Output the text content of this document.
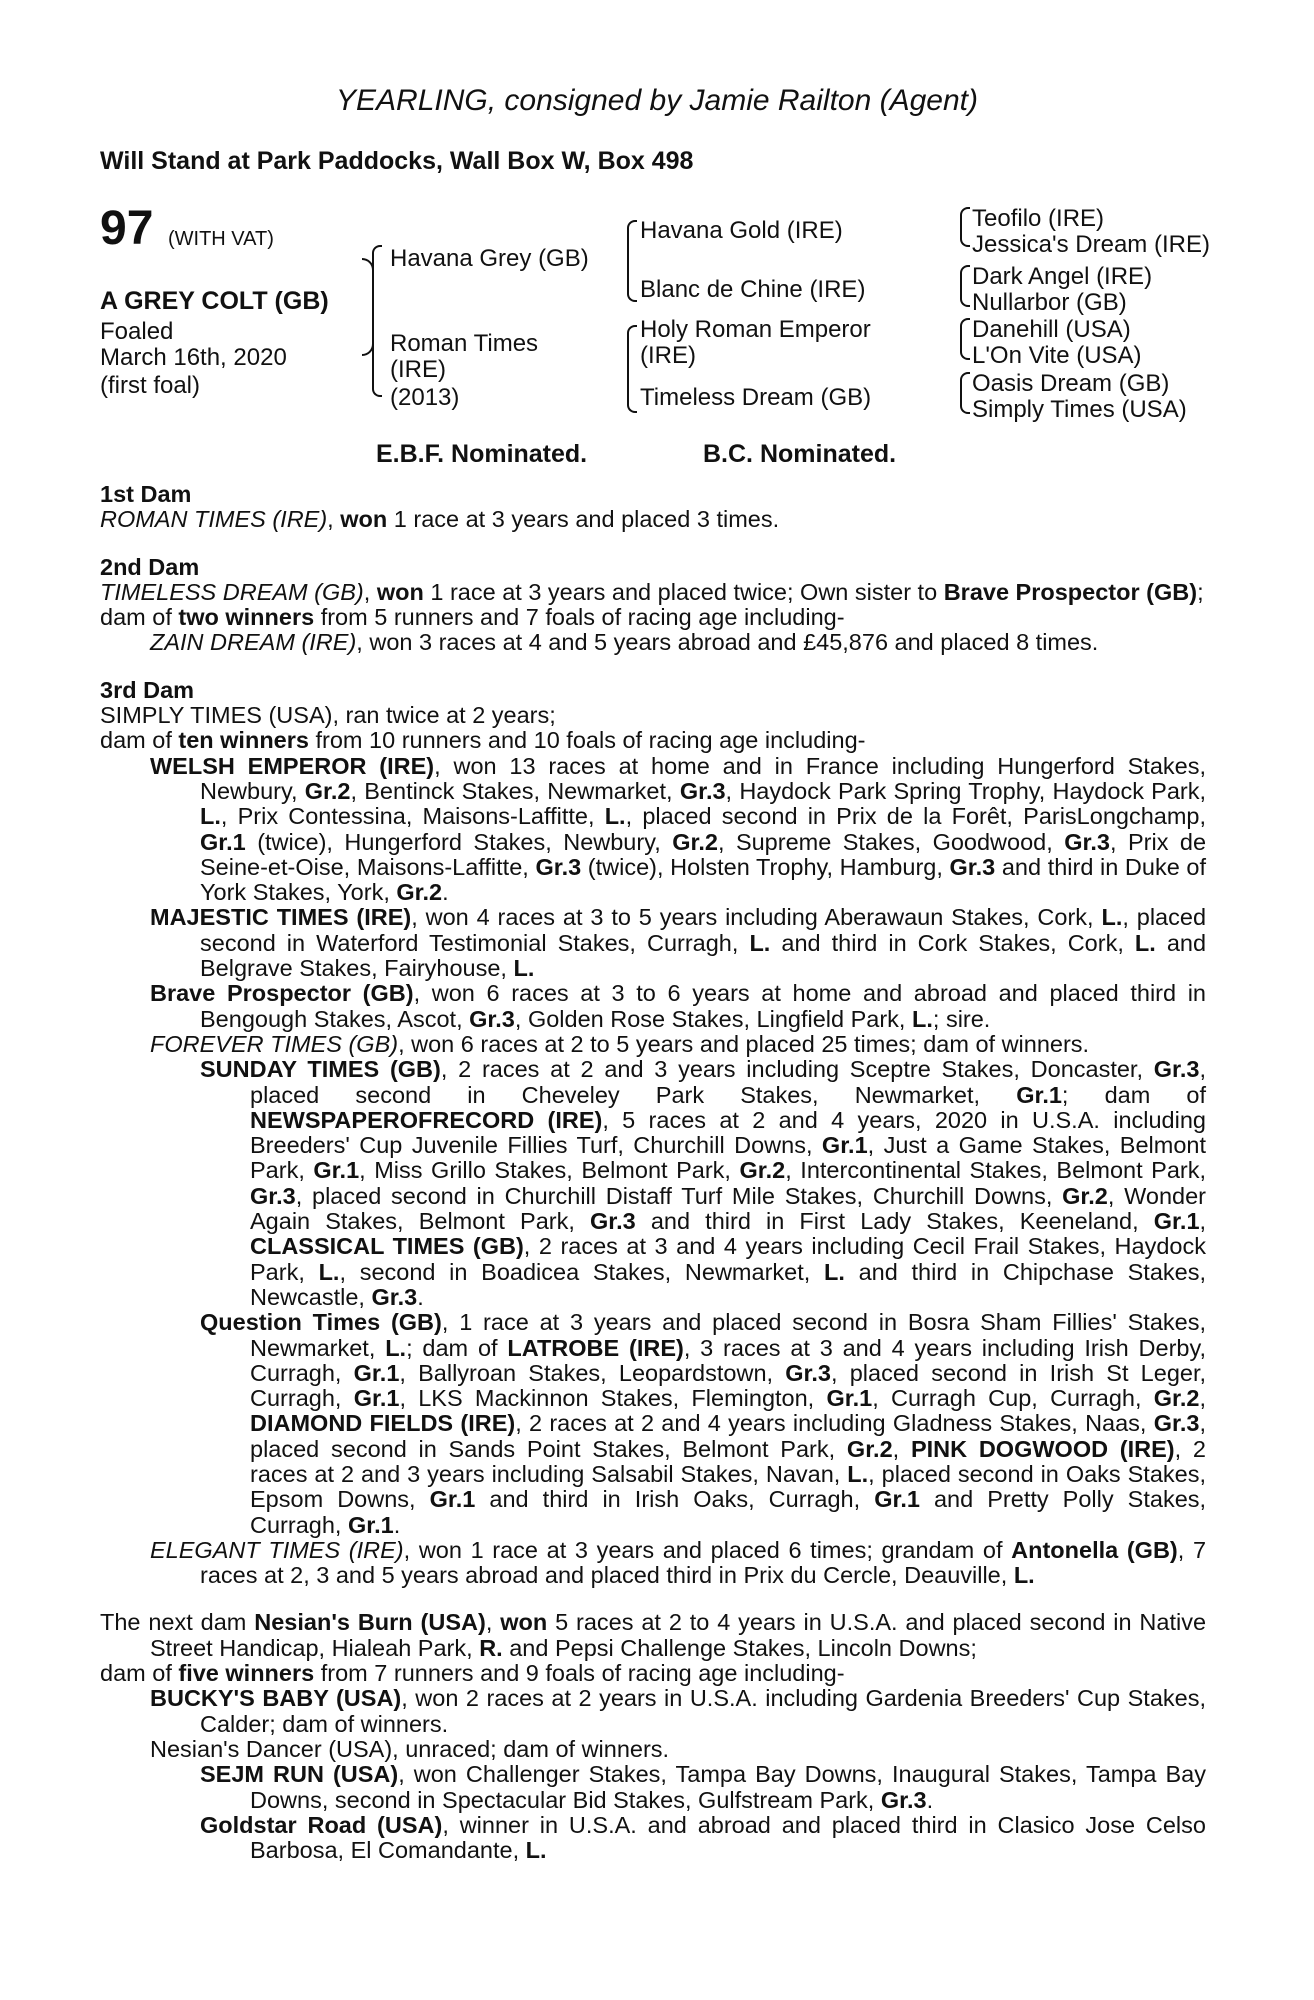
YEARLING, consigned by Jamie Railton (Agent)
Will Stand at Park Paddocks, Wall Box W, Box 498
97 (WITH VAT)
A GREY COLT (GB)
Foaled
March 16th, 2020
(first foal)
Havana Grey (GB)
Roman Times
(IRE)
(2013)
Havana Gold (IRE)
Blanc de Chine (IRE)
Holy Roman Emperor
(IRE)
Timeless Dream (GB)
Teofilo (IRE)
Jessica's Dream (IRE)
Dark Angel (IRE)
Nullarbor (GB)
Danehill (USA)
L'On Vite (USA)
Oasis Dream (GB)
Simply Times (USA)
E.B.F. Nominated.	B.C. Nominated.

1st Dam

ROMAN TIMES (IRE), won 1 race at 3 years and placed 3 times.

2nd Dam

TIMELESS DREAM (GB), won 1 race at 3 years and placed twice; Own sister to Brave Prospector (GB);

dam of two winners from 5 runners and 7 foals of racing age including-

ZAIN DREAM (IRE), won 3 races at 4 and 5 years abroad and £45,876 and placed 8 times.

3rd Dam

SIMPLY TIMES (USA), ran twice at 2 years;

dam of ten winners from 10 runners and 10 foals of racing age including-

WELSH EMPEROR (IRE), won 13 races at home and in France including Hungerford Stakes, Newbury, Gr.2, Bentinck Stakes, Newmarket, Gr.3, Haydock Park Spring Trophy, Haydock Park, L., Prix Contessina, Maisons-Laffitte, L., placed second in Prix de la Forêt, ParisLongchamp, Gr.1 (twice), Hungerford Stakes, Newbury, Gr.2, Supreme Stakes, Goodwood, Gr.3, Prix de Seine-et-Oise, Maisons-Laffitte, Gr.3 (twice), Holsten Trophy, Hamburg, Gr.3 and third in Duke of York Stakes, York, Gr.2.

MAJESTIC TIMES (IRE), won 4 races at 3 to 5 years including Aberawaun Stakes, Cork, L., placed second in Waterford Testimonial Stakes, Curragh, L. and third in Cork Stakes, Cork, L. and Belgrave Stakes, Fairyhouse, L.

Brave Prospector (GB), won 6 races at 3 to 6 years at home and abroad and placed third in Bengough Stakes, Ascot, Gr.3, Golden Rose Stakes, Lingfield Park, L.; sire.

FOREVER TIMES (GB), won 6 races at 2 to 5 years and placed 25 times; dam of winners.

SUNDAY TIMES (GB), 2 races at 2 and 3 years including Sceptre Stakes, Doncaster, Gr.3, placed second in Cheveley Park Stakes, Newmarket, Gr.1; dam of NEWSPAPEROFRECORD (IRE), 5 races at 2 and 4 years, 2020 in U.S.A. including Breeders' Cup Juvenile Fillies Turf, Churchill Downs, Gr.1, Just a Game Stakes, Belmont Park, Gr.1, Miss Grillo Stakes, Belmont Park, Gr.2, Intercontinental Stakes, Belmont Park, Gr.3, placed second in Churchill Distaff Turf Mile Stakes, Churchill Downs, Gr.2, Wonder Again Stakes, Belmont Park, Gr.3 and third in First Lady Stakes, Keeneland, Gr.1, CLASSICAL TIMES (GB), 2 races at 3 and 4 years including Cecil Frail Stakes, Haydock Park, L., second in Boadicea Stakes, Newmarket, L. and third in Chipchase Stakes, Newcastle, Gr.3.

Question Times (GB), 1 race at 3 years and placed second in Bosra Sham Fillies' Stakes, Newmarket, L.; dam of LATROBE (IRE), 3 races at 3 and 4 years including Irish Derby, Curragh, Gr.1, Ballyroan Stakes, Leopardstown, Gr.3, placed second in Irish St Leger, Curragh, Gr.1, LKS Mackinnon Stakes, Flemington, Gr.1, Curragh Cup, Curragh, Gr.2, DIAMOND FIELDS (IRE), 2 races at 2 and 4 years including Gladness Stakes, Naas, Gr.3, placed second in Sands Point Stakes, Belmont Park, Gr.2, PINK DOGWOOD (IRE), 2 races at 2 and 3 years including Salsabil Stakes, Navan, L., placed second in Oaks Stakes, Epsom Downs, Gr.1 and third in Irish Oaks, Curragh, Gr.1 and Pretty Polly Stakes, Curragh, Gr.1.

ELEGANT TIMES (IRE), won 1 race at 3 years and placed 6 times; grandam of Antonella (GB), 7 races at 2, 3 and 5 years abroad and placed third in Prix du Cercle, Deauville, L.

The next dam Nesian's Burn (USA), won 5 races at 2 to 4 years in U.S.A. and placed second in Native Street Handicap, Hialeah Park, R. and Pepsi Challenge Stakes, Lincoln Downs;

dam of five winners from 7 runners and 9 foals of racing age including-

BUCKY'S BABY (USA), won 2 races at 2 years in U.S.A. including Gardenia Breeders' Cup Stakes, Calder; dam of winners.

Nesian's Dancer (USA), unraced; dam of winners.

SEJM RUN (USA), won Challenger Stakes, Tampa Bay Downs, Inaugural Stakes, Tampa Bay Downs, second in Spectacular Bid Stakes, Gulfstream Park, Gr.3.

Goldstar Road (USA), winner in U.S.A. and abroad and placed third in Clasico Jose Celso Barbosa, El Comandante, L.
